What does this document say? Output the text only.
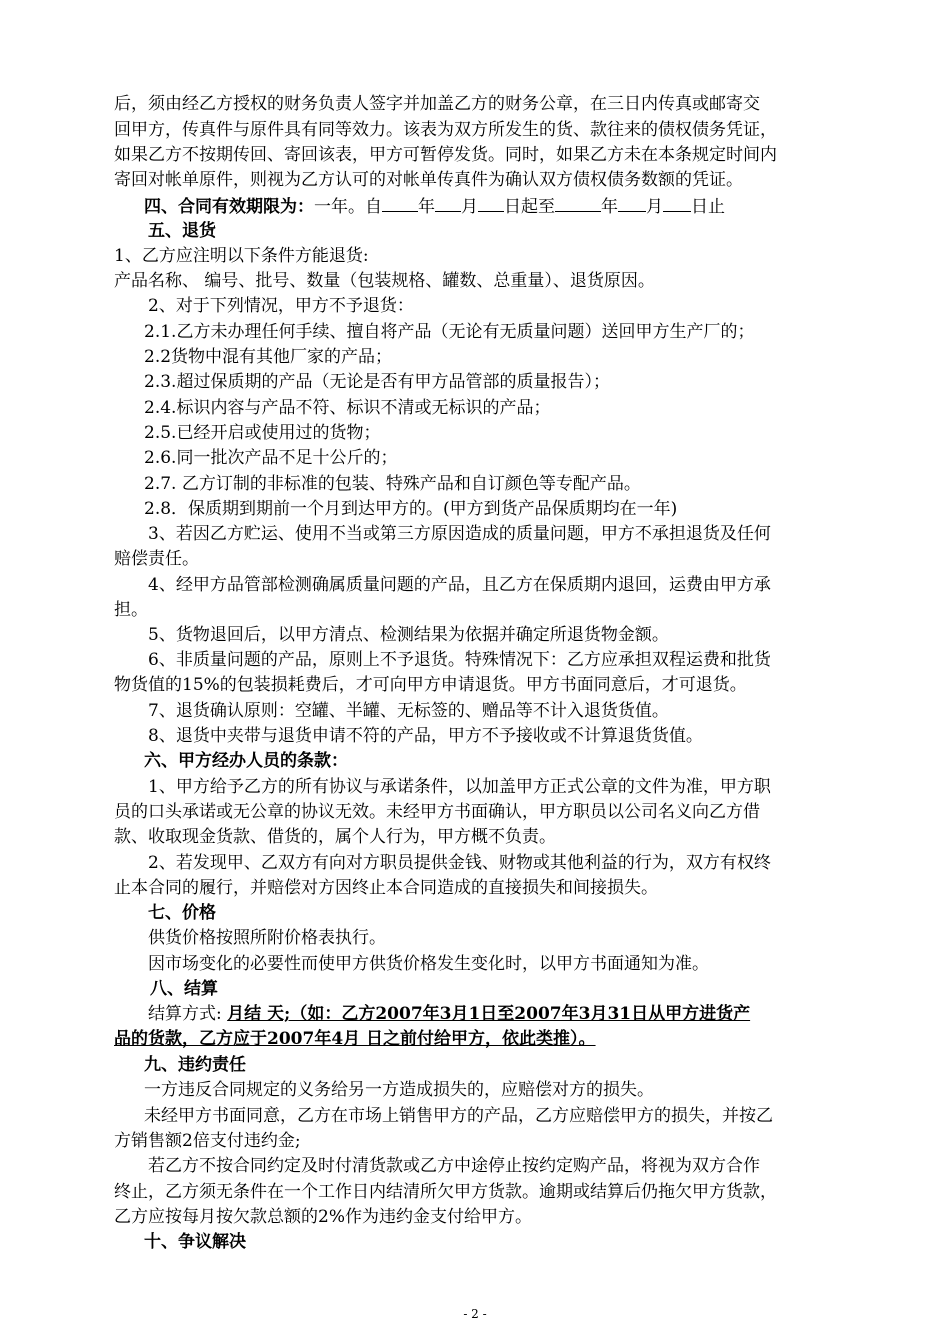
后，须由经乙方授权的财务负责人签字并加盖乙方的财务公章，在三日内传真或邮寄交
回甲方，传真件与原件具有同等效力。该表为双方所发生的货、款往来的债权债务凭证，
如果乙方不按期传回、寄回该表，甲方可暂停发货。同时，如果乙方未在本条规定时间内
寄回对帐单原件，则视为乙方认可的对帐单传真件为确认双方债权债务数额的凭证。
四、合同有效期限为：一年。自 年 月 日起至	年 月 日止
五、退货
1、乙方应注明以下条件方能退货:
产品名称、 编号、批号、数量（包装规格、罐数、总重量）、退货原因。
2、对于下列情况，甲方不予退货：
2.1.乙方未办理任何手续、擅自将产品（无论有无质量问题）送回甲方生产厂的；
2.2货物中混有其他厂家的产品；
2.3.超过保质期的产品（无论是否有甲方品管部的质量报告）；
2.4.标识内容与产品不符、标识不清或无标识的产品；
2.5.已经开启或使用过的货物；
2.6.同一批次产品不足十公斤的；
2.7. 乙方订制的非标准的包装、特殊产品和自订颜色等专配产品。
2.8．保质期到期前一个月到达甲方的。(甲方到货产品保质期均在一年)
3、若因乙方贮运、使用不当或第三方原因造成的质量问题，甲方不承担退货及任何
赔偿责任。
4、经甲方品管部检测确属质量问题的产品，且乙方在保质期内退回，运费由甲方承
担。
5、货物退回后，以甲方清点、检测结果为依据并确定所退货物金额。
6、非质量问题的产品，原则上不予退货。特殊情况下：乙方应承担双程运费和批货
物货值的15%的包装损耗费后，才可向甲方申请退货。甲方书面同意后，才可退货。
7、退货确认原则：空罐、半罐、无标签的、赠品等不计入退货货值。
8、退货中夹带与退货申请不符的产品，甲方不予接收或不计算退货货值。
六、甲方经办人员的条款：
1、甲方给予乙方的所有协议与承诺条件，以加盖甲方正式公章的文件为准，甲方职
员的口头承诺或无公章的协议无效。未经甲方书面确认，甲方职员以公司名义向乙方借
款、收取现金货款、借货的，属个人行为，甲方概不负责。
2、若发现甲、乙双方有向对方职员提供金钱、财物或其他利益的行为，双方有权终
止本合同的履行，并赔偿对方因终止本合同造成的直接损失和间接损失。
七、价格
供货价格按照所附价格表执行。
因市场变化的必要性而使甲方供货价格发生变化时，以甲方书面通知为准。
八、结算
结算方式: 月结 天;（如：乙方2007年3月1日至2007年3月31日从甲方进货产
品的货款，乙方应于2007年4月 日之前付给甲方，依此类推）。
九、违约责任
一方违反合同规定的义务给另一方造成损失的，应赔偿对方的损失。
未经甲方书面同意，乙方在市场上销售甲方的产品，乙方应赔偿甲方的损失，并按乙
方销售额2倍支付违约金;
若乙方不按合同约定及时付清货款或乙方中途停止按约定购产品，将视为双方合作
终止，乙方须无条件在一个工作日内结清所欠甲方货款。逾期或结算后仍拖欠甲方货款，
乙方应按每月按欠款总额的2%作为违约金支付给甲方。
十、争议解决
- 2 -
